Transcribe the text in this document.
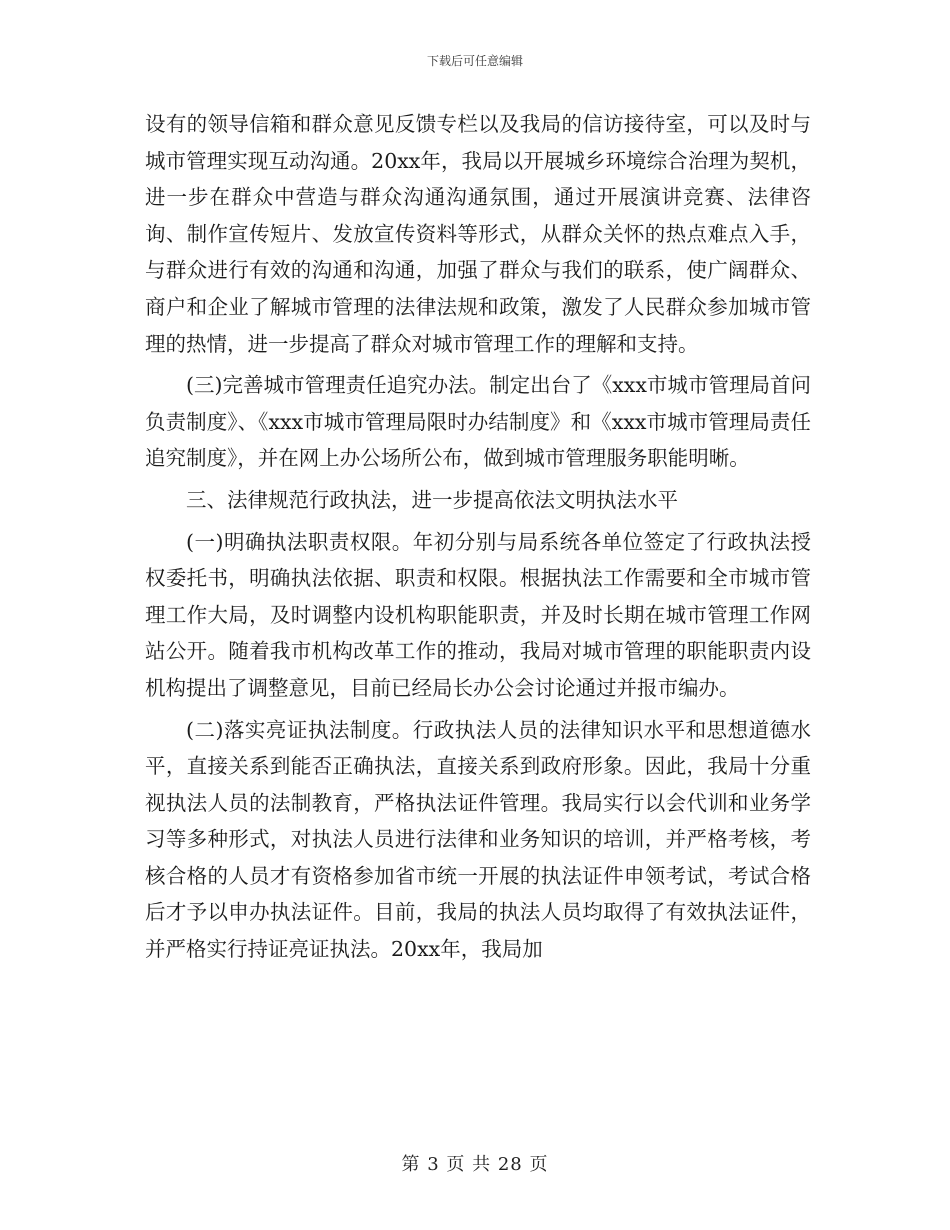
下载后可任意编辑

设有的领导信箱和群众意见反馈专栏以及我局的信访接待室，可以及时与城市管理实现互动沟通。20xx年，我局以开展城乡环境综合治理为契机，进一步在群众中营造与群众沟通沟通氛围，通过开展演讲竞赛、法律咨询、制作宣传短片、发放宣传资料等形式，从群众关怀的热点难点入手，与群众进行有效的沟通和沟通，加强了群众与我们的联系，使广阔群众、商户和企业了解城市管理的法律法规和政策，激发了人民群众参加城市管理的热情，进一步提高了群众对城市管理工作的理解和支持。

(三)完善城市管理责任追究办法。制定出台了《xxx市城市管理局首问负责制度》、《xxx市城市管理局限时办结制度》和《xxx市城市管理局责任追究制度》，并在网上办公场所公布，做到城市管理服务职能明晰。

三、法律规范行政执法，进一步提高依法文明执法水平

(一)明确执法职责权限。年初分别与局系统各单位签定了行政执法授权委托书，明确执法依据、职责和权限。根据执法工作需要和全市城市管理工作大局，及时调整内设机构职能职责，并及时长期在城市管理工作网站公开。随着我市机构改革工作的推动，我局对城市管理的职能职责内设机构提出了调整意见，目前已经局长办公会讨论通过并报市编办。

(二)落实亮证执法制度。行政执法人员的法律知识水平和思想道德水平，直接关系到能否正确执法，直接关系到政府形象。因此，我局十分重视执法人员的法制教育，严格执法证件管理。我局实行以会代训和业务学习等多种形式，对执法人员进行法律和业务知识的培训，并严格考核，考核合格的人员才有资格参加省市统一开展的执法证件申领考试，考试合格后才予以申办执法证件。目前，我局的执法人员均取得了有效执法证件，并严格实行持证亮证执法。20xx年，我局加

第 3 页 共 28 页
